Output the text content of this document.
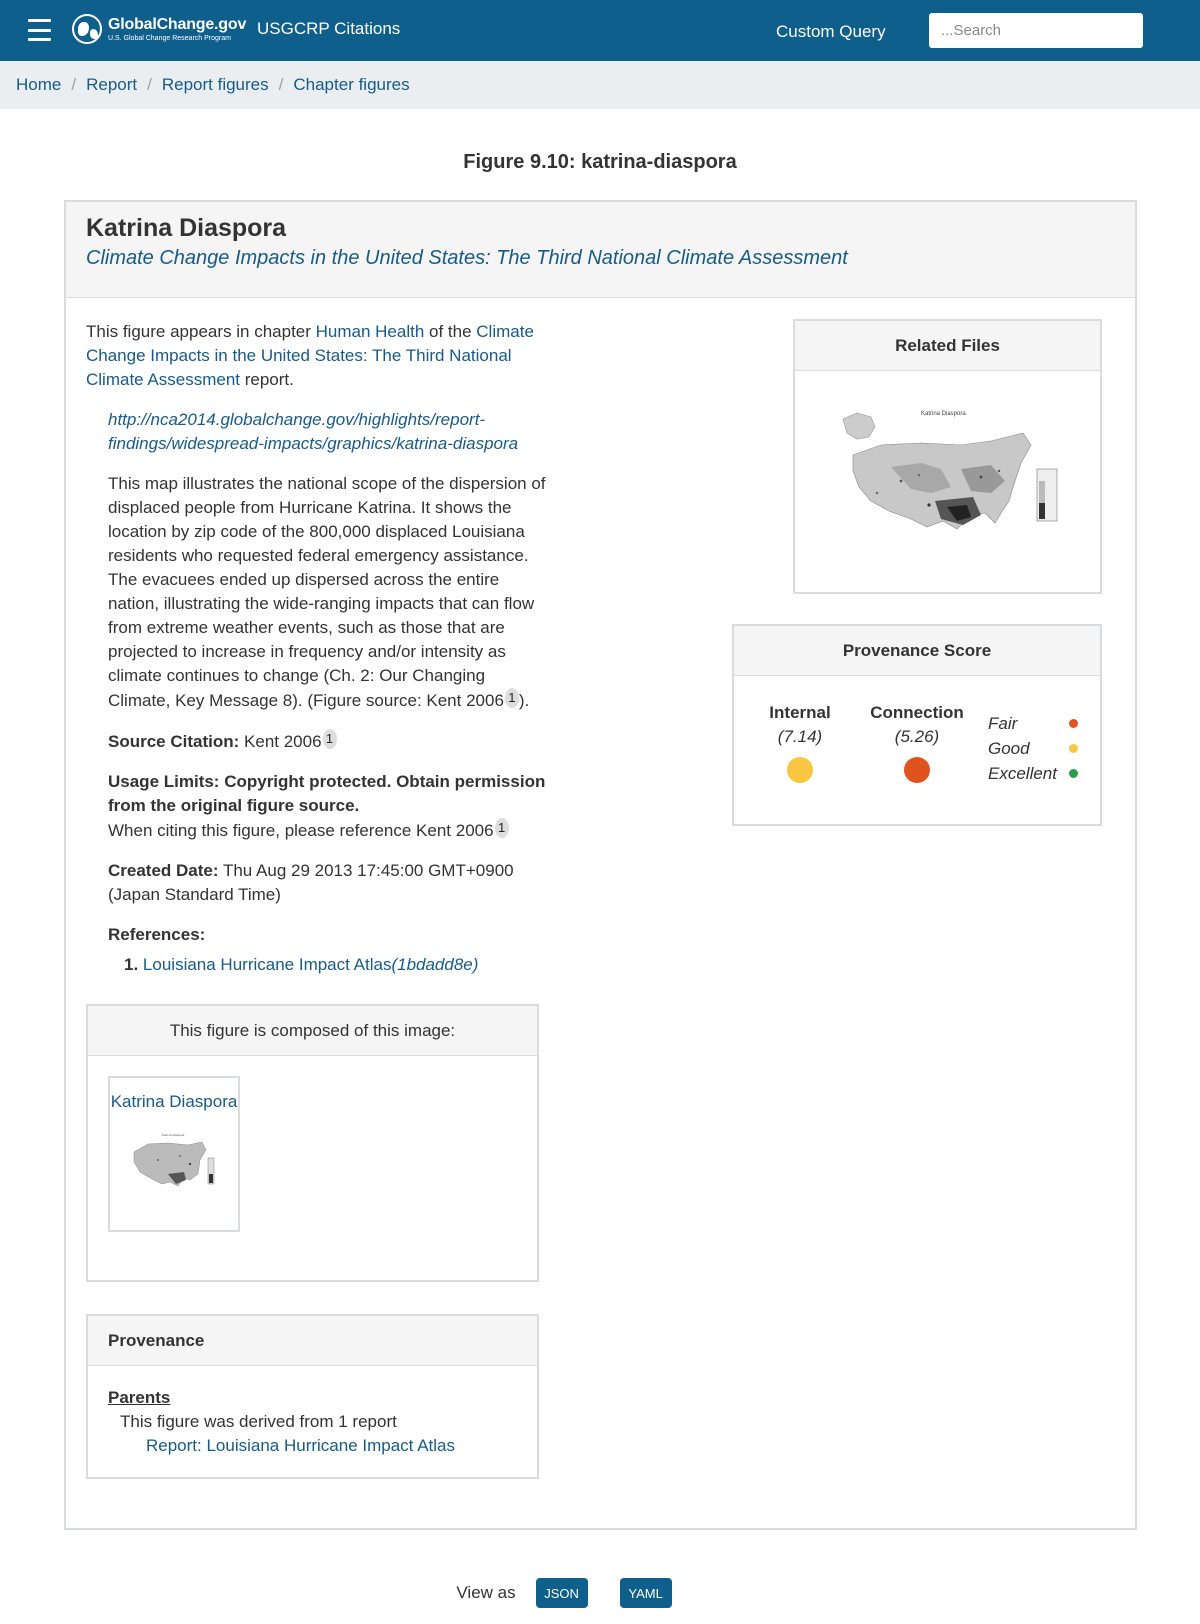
GlobalChange.gov
U.S. Global Change Research Program	USGCRP Citations	Custom Query
...Search
Home / Report / Report figures / Chapter figures
Figure 9.10: katrina-diaspora
Katrina Diaspora
Climate Change Impacts in the United States: The Third National Climate Assessment

This figure appears in chapter Human Health of the Climate Change Impacts in the United States: The Third National Climate Assessment report.

http://nca2014.globalchange.gov/highlights/report-findings/widespread-impacts/graphics/katrina-diaspora

This map illustrates the national scope of the dispersion of displaced people from Hurricane Katrina. It shows the location by zip code of the 800,000 displaced Louisiana residents who requested federal emergency assistance. The evacuees ended up dispersed across the entire nation, illustrating the wide-ranging impacts that can flow from extreme weather events, such as those that are projected to increase in frequency and/or intensity as climate continues to change (Ch. 2: Our Changing Climate, Key Message 8). (Figure source: Kent 2006 1 ).

Source Citation: Kent 2006 1

Usage Limits: Copyright protected. Obtain permission from the original figure source.
When citing this figure, please reference Kent 2006 1

Created Date: Thu Aug 29 2013 17:45:00 GMT+0900 (Japan Standard Time)

References:
1. Louisiana Hurricane Impact Atlas(1bdadd8e)
This figure is composed of this image:
Katrina Diaspora
Katrina Diaspora
Provenance
Parents
This figure was derived from 1 report
Report: Louisiana Hurricane Impact Atlas
Related Files
Katrina Diaspora
Provenance Score
Internal
(7.14)
Connection
(5.26)
Fair
Good
Excellent
View as	JSON	YAML
